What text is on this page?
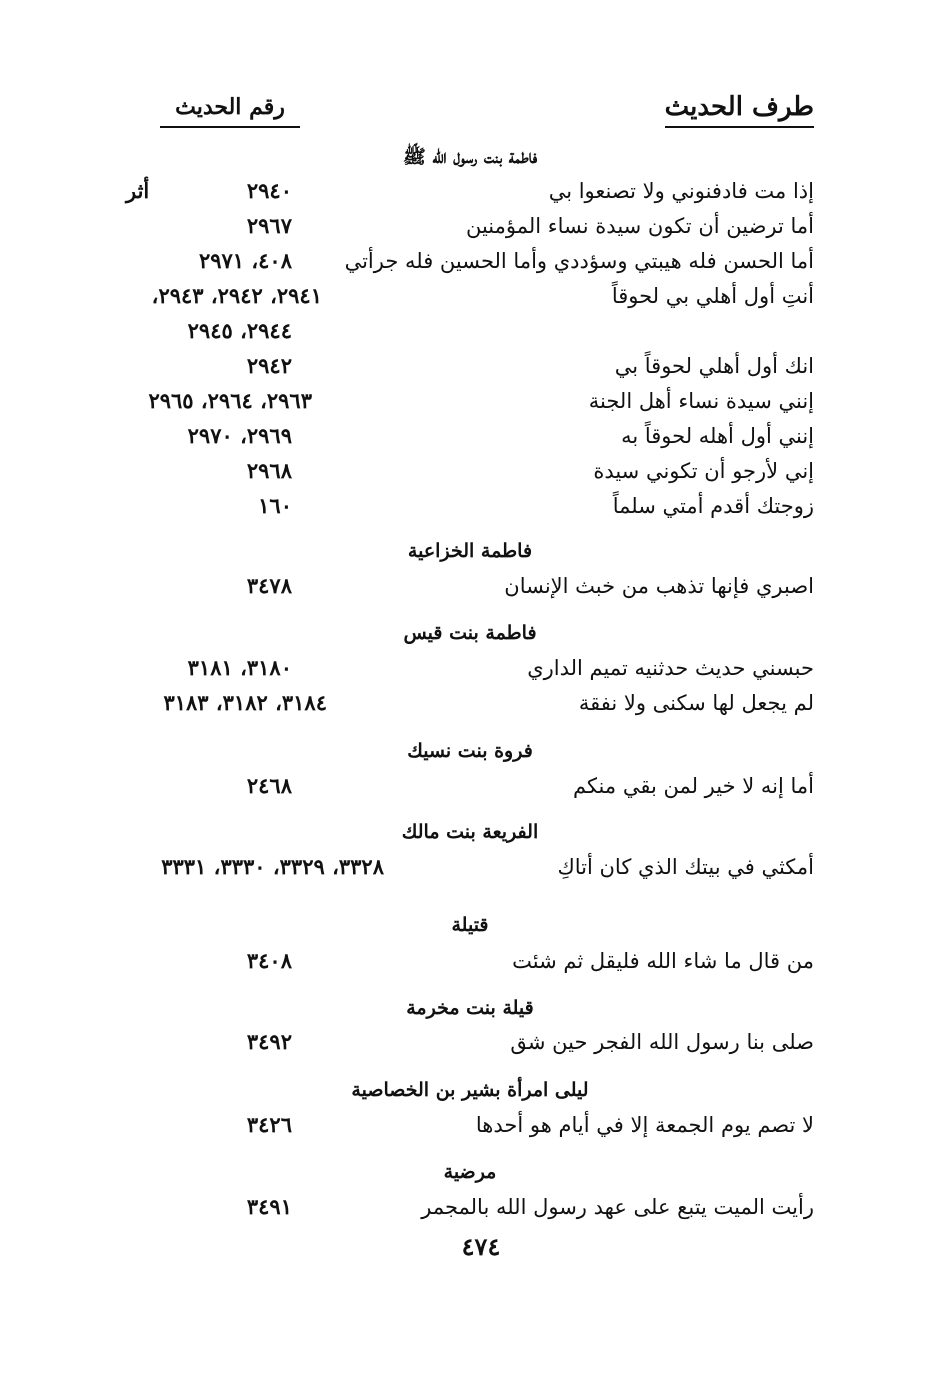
طرف الحديث
رقم الحديث
فاطمة بنت رسول الله ﷺ
إذا مت فادفنوني ولا تصنعوا بي
٢٩٤٠
أثر
أما ترضين أن تكون سيدة نساء المؤمنين
٢٩٦٧
أما الحسن فله هيبتي وسؤددي وأما الحسين فله جرأتي
٤٠٨، ٢٩٧١
أنتِ أول أهلي بي لحوقاً
٢٩٤١، ٢٩٤٢، ٢٩٤٣،
٢٩٤٤، ٢٩٤٥
انك أول أهلي لحوقاً بي
٢٩٤٢
إنني سيدة نساء أهل الجنة
٢٩٦٣، ٢٩٦٤، ٢٩٦٥
إنني أول أهله لحوقاً به
٢٩٦٩، ٢٩٧٠
إني لأرجو أن تكوني سيدة
٢٩٦٨
زوجتك أقدم أمتي سلماً
١٦٠
فاطمة الخزاعية
اصبري فإنها تذهب من خبث الإنسان
٣٤٧٨
فاطمة بنت قيس
حبسني حديث حدثنيه تميم الداري
٣١٨٠، ٣١٨١
لم يجعل لها سكنى ولا نفقة
٣١٨٤، ٣١٨٢، ٣١٨٣
فروة بنت نسيك
أما إنه لا خير لمن بقي منكم
٢٤٦٨
الفريعة بنت مالك
أمكثي في بيتك الذي كان أتاكِ
٣٣٢٨، ٣٣٢٩، ٣٣٣٠، ٣٣٣١
قتيلة
من قال ما شاء الله فليقل ثم شئت
٣٤٠٨
قيلة بنت مخرمة
صلى بنا رسول الله الفجر حين شق
٣٤٩٢
ليلى امرأة بشير بن الخصاصية
لا تصم يوم الجمعة إلا في أيام هو أحدها
٣٤٢٦
مرضية
رأيت الميت يتبع على عهد رسول الله بالمجمر
٣٤٩١
٤٧٤
